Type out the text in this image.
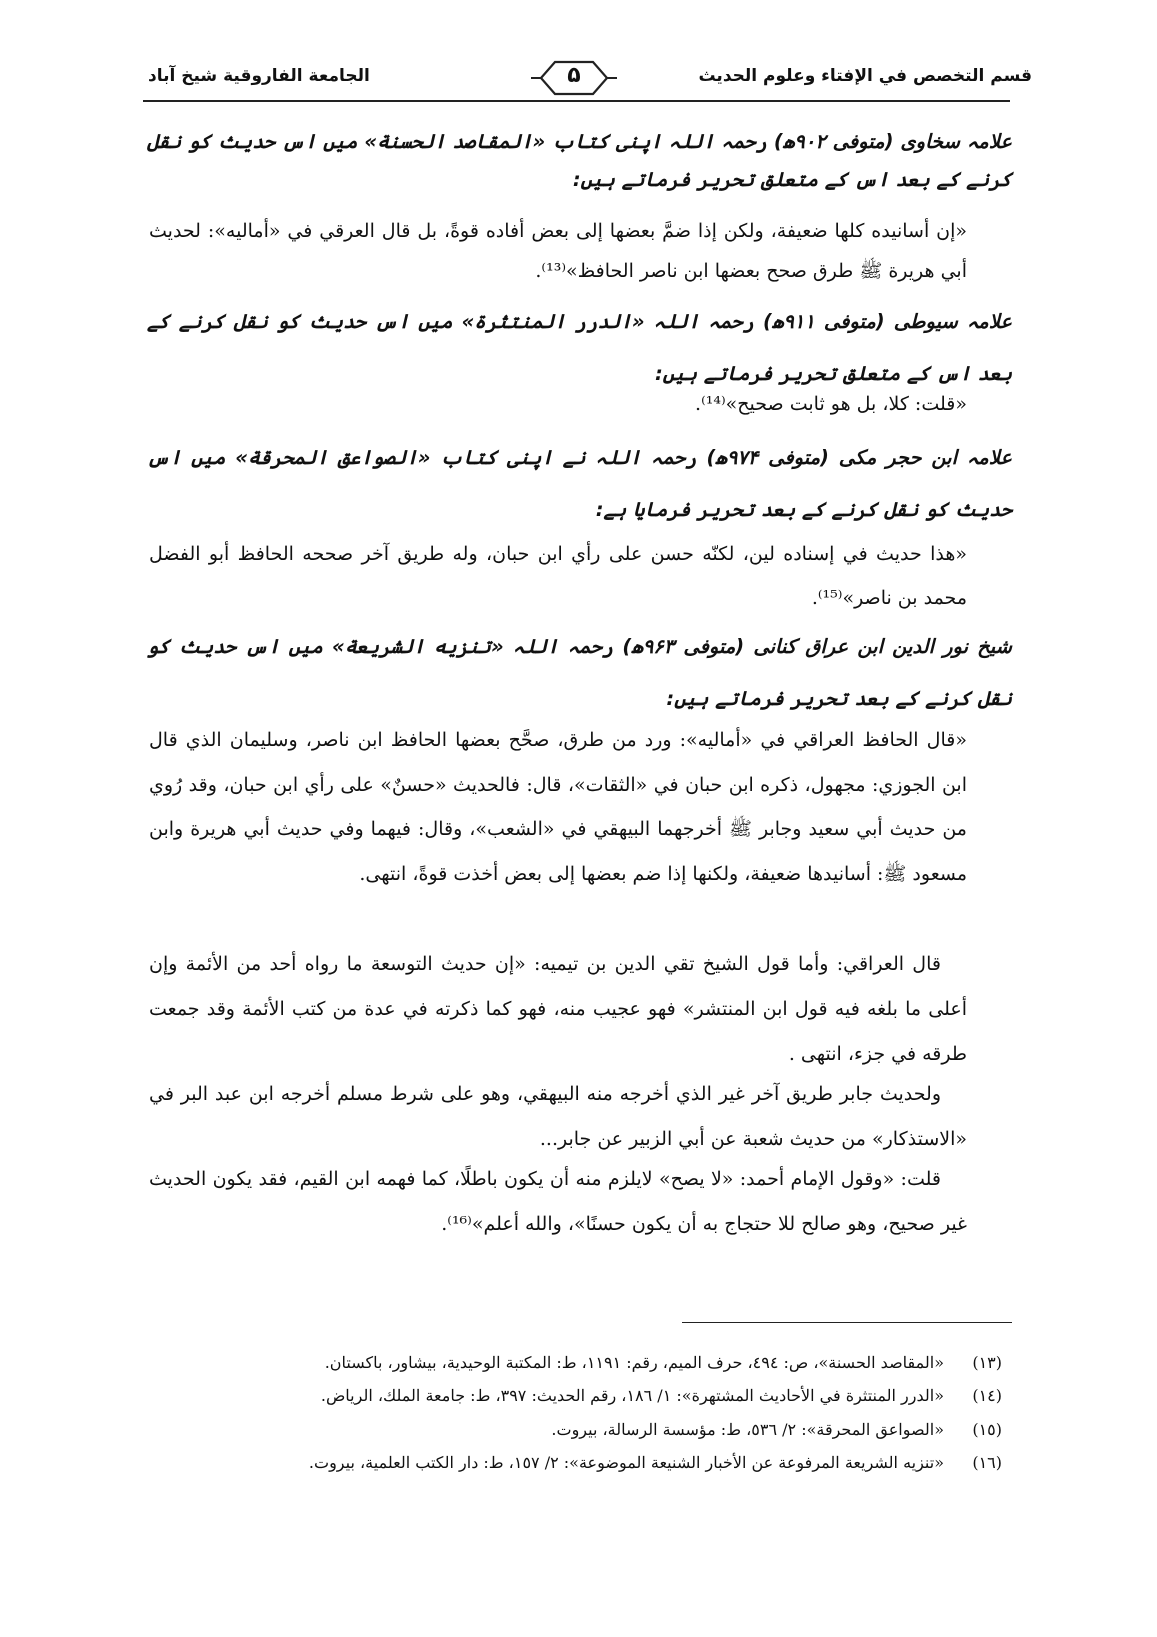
قسم التخصص في الإفتاء وعلوم الحديث
۵
الجامعة الفاروقية شيخ آباد
علامہ سخاوی (متوفی ۹۰۲ھ) رحمہ اللہ اپنی کتاب «المقاصد الحسنة» میں اس حدیث کو نقل کرنے کے بعد اس کے متعلق تحریر فرماتے ہیں:
«إن أسانيده كلها ضعيفة، ولكن إذا ضمَّ بعضها إلى بعض أفاده قوةً، بل قال العرقي في «أماليه»: لحديث أبي هريرة ﷺ طرق صحح بعضها ابن ناصر الحافظ»⁽¹³⁾.
علامہ سیوطی (متوفی ۹۱۱ھ) رحمہ اللہ «الدرر المنتثرة» میں اس حدیث کو نقل کرنے کے بعد اس کے متعلق تحریر فرماتے ہیں:
«قلت: كلا، بل هو ثابت صحيح»⁽¹⁴⁾.
علامہ ابن حجر مکی (متوفی ۹۷۴ھ) رحمہ اللہ نے اپنی کتاب «الصواعق المحرقة» میں اس حدیث کو نقل کرنے کے بعد تحریر فرمایا ہے:
«هذا حديث في إسناده لين، لكنّه حسن على رأي ابن حبان، وله طريق آخر صححه الحافظ أبو الفضل محمد بن ناصر»⁽¹⁵⁾.
شیخ نور الدین ابن عراق کنانی (متوفی ۹۶۳ھ) رحمہ اللہ «تنزيه الشريعة» میں اس حدیث کو نقل کرنے کے بعد تحریر فرماتے ہیں:
«قال الحافظ العراقي في «أماليه»: ورد من طرق، صحَّح بعضها الحافظ ابن ناصر، وسليمان الذي قال ابن الجوزي: مجهول، ذكره ابن حبان في «الثقات»، قال: فالحديث «حسنٌ» على رأي ابن حبان، وقد رُوي من حديث أبي سعيد وجابر ﷺ أخرجهما البيهقي في «الشعب»، وقال: فيهما وفي حديث أبي هريرة وابن مسعود ﷺ: أسانيدها ضعيفة، ولكنها إذا ضم بعضها إلى بعض أخذت قوةً، انتهى.
قال العراقي: وأما قول الشيخ تقي الدين بن تيميه: «إن حديث التوسعة ما رواه أحد من الأئمة وإن أعلى ما بلغه فيه قول ابن المنتشر» فهو عجيب منه، فهو كما ذكرته في عدة من كتب الأئمة وقد جمعت طرقه في جزء، انتهى .
ولحديث جابر طريق آخر غير الذي أخرجه منه البيهقي، وهو على شرط مسلم أخرجه ابن عبد البر في «الاستذكار» من حديث شعبة عن أبي الزبير عن جابر...
قلت: «وقول الإمام أحمد: «لا يصح» لايلزم منه أن يكون باطلًا، كما فهمه ابن القيم، فقد يكون الحديث غير صحيح، وهو صالح للا حتجاج به أن يكون حسنًا»، والله أعلم»⁽¹⁶⁾.
(١٣)«المقاصد الحسنة»، ص: ٤٩٤، حرف الميم، رقم: ١١٩١، ط: المكتبة الوحيدية، بيشاور، باكستان.
(١٤)«الدرر المنتثرة في الأحاديث المشتهرة»: ١/ ١٨٦، رقم الحديث: ٣٩٧، ط: جامعة الملك، الرياض.
(١٥)«الصواعق المحرقة»: ٢/ ٥٣٦، ط: مؤسسة الرسالة، بيروت.
(١٦)«تنزيه الشريعة المرفوعة عن الأخبار الشنيعة الموضوعة»: ٢/ ١٥٧، ط: دار الكتب العلمية، بيروت.
